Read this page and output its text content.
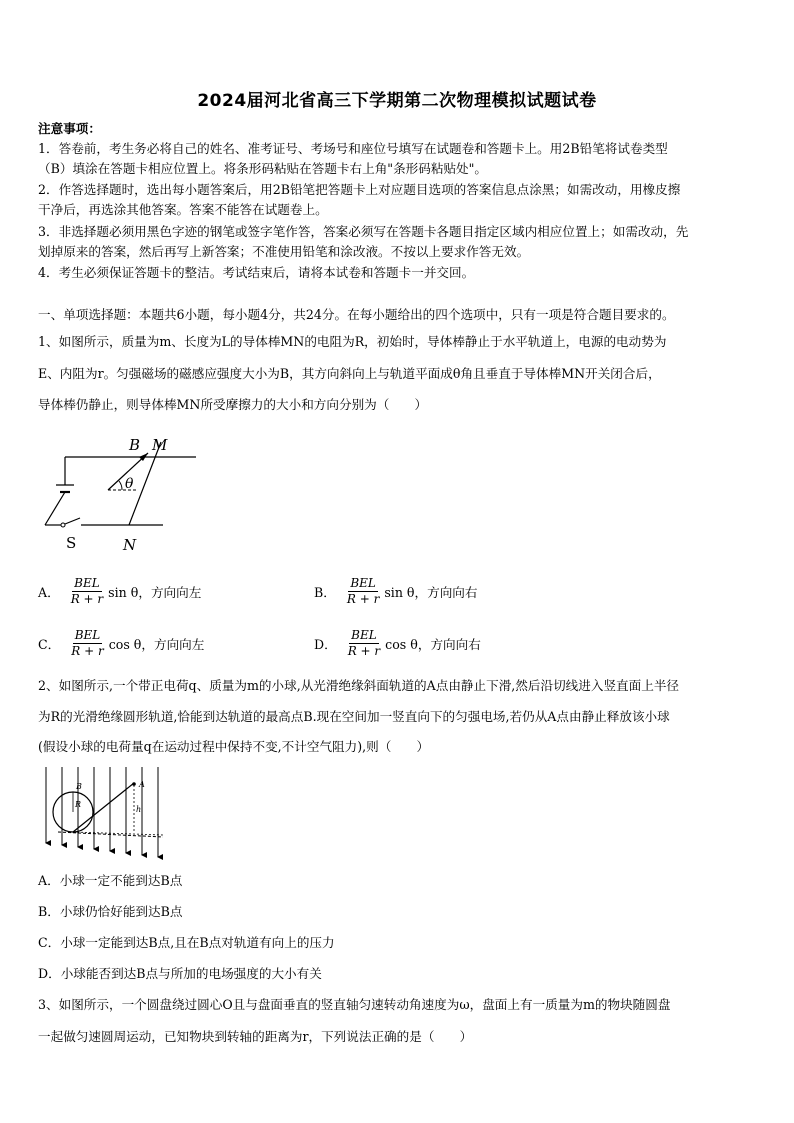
2024届河北省高三下学期第二次物理模拟试题试卷
注意事项：
1．答卷前，考生务必将自己的姓名、准考证号、考场号和座位号填写在试题卷和答题卡上。用2B铅笔将试卷类型
（B）填涂在答题卡相应位置上。将条形码粘贴在答题卡右上角"条形码粘贴处"。
2．作答选择题时，选出每小题答案后，用2B铅笔把答题卡上对应题目选项的答案信息点涂黑；如需改动，用橡皮擦
干净后，再选涂其他答案。答案不能答在试题卷上。
3．非选择题必须用黑色字迹的钢笔或签字笔作答，答案必须写在答题卡各题目指定区域内相应位置上；如需改动，先
划掉原来的答案，然后再写上新答案；不准使用铅笔和涂改液。不按以上要求作答无效。
4．考生必须保证答题卡的整洁。考试结束后，请将本试卷和答题卡一并交回。
一、单项选择题：本题共6小题，每小题4分，共24分。在每小题给出的四个选项中，只有一项是符合题目要求的。
1、如图所示，质量为m、长度为L的导体棒MN的电阻为R，初始时，导体棒静止于水平轨道上，电源的电动势为
E、内阻为r。匀强磁场的磁感应强度大小为B，其方向斜向上与轨道平面成θ角且垂直于导体棒MN开关闭合后，
导体棒仍静止，则导体棒MN所受摩擦力的大小和方向分别为（　　）
B M
θ
N
S
A． $\frac{\text{BEL}}{R + r}$ sin θ，方向向左	B． $\frac{\text{BEL}}{R + r}$ sin θ，方向向右
C． $\frac{\text{BEL}}{R + r}$ cos θ，方向向左	D． $\frac{\text{BEL}}{R + r}$ cos θ，方向向右
2、如图所示,一个带正电荷q、质量为m的小球,从光滑绝缘斜面轨道的A点由静止下滑,然后沿切线进入竖直面上半径
为R的光滑绝缘圆形轨道,恰能到达轨道的最高点B.现在空间加一竖直向下的匀强电场,若仍从A点由静止释放该小球
(假设小球的电荷量q在运动过程中保持不变,不计空气阻力),则（　　）
B
R
A
h
A．小球一定不能到达B点
B．小球仍恰好能到达B点
C．小球一定能到达B点,且在B点对轨道有向上的压力
D．小球能否到达B点与所加的电场强度的大小有关
3、如图所示，一个圆盘绕过圆心O且与盘面垂直的竖直轴匀速转动角速度为ω，盘面上有一质量为m的物块随圆盘
一起做匀速圆周运动，已知物块到转轴的距离为r，下列说法正确的是（　　）
